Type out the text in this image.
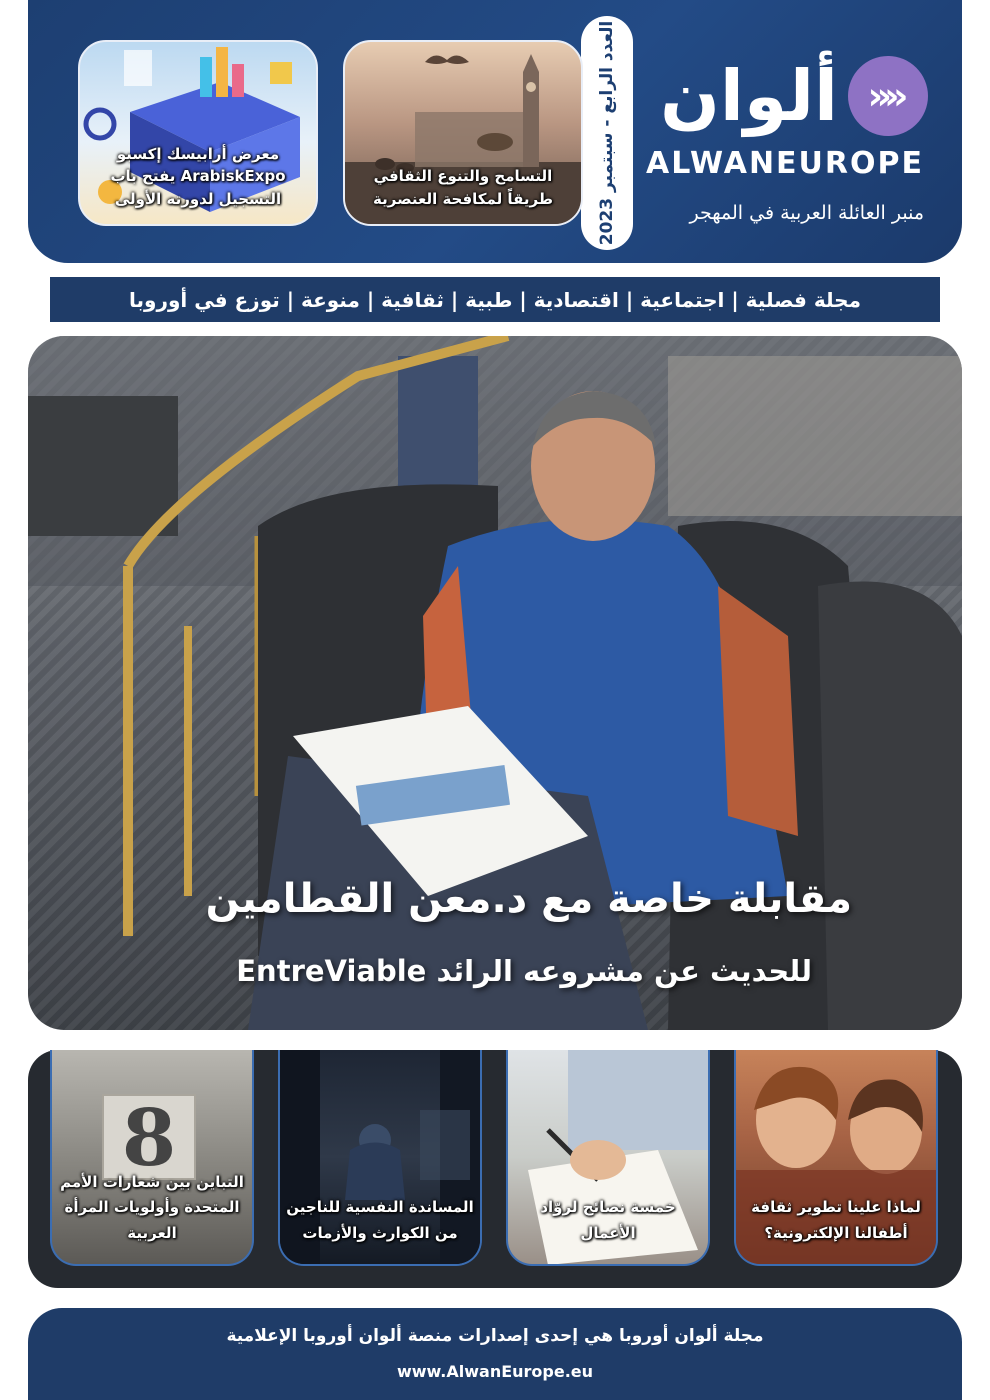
ألوان »»
ALWANEUROPE
منبر العائلة العربية في المهجر
العدد الرابع - سبتمبر 2023
التسامح والتنوع الثقافي طريقاً لمكافحة العنصرية
معرض أرابيسك إكسبو ArabiskExpo يفتح باب التسجيل لدورته الأولى
مجلة فصلية | اجتماعية | اقتصادية | طبية | ثقافية | منوعة | توزع في أوروبا
مقابلة خاصة مع د.معن القطامين
للحديث عن مشروعه الرائد EntreViable
لماذا علينا تطوير ثقافة أطفالنا الإلكترونية؟
خمسة نصائح لروّاد الأعمال
المساندة النفسية للناجين من الكوارث والأزمات
8
التباين بين شعارات الأمم المتحدة وأولويات المرأة العربية
مجلة ألوان أوروبا هي إحدى إصدارات منصة ألوان أوروبا الإعلامية
www.AlwanEurope.eu
